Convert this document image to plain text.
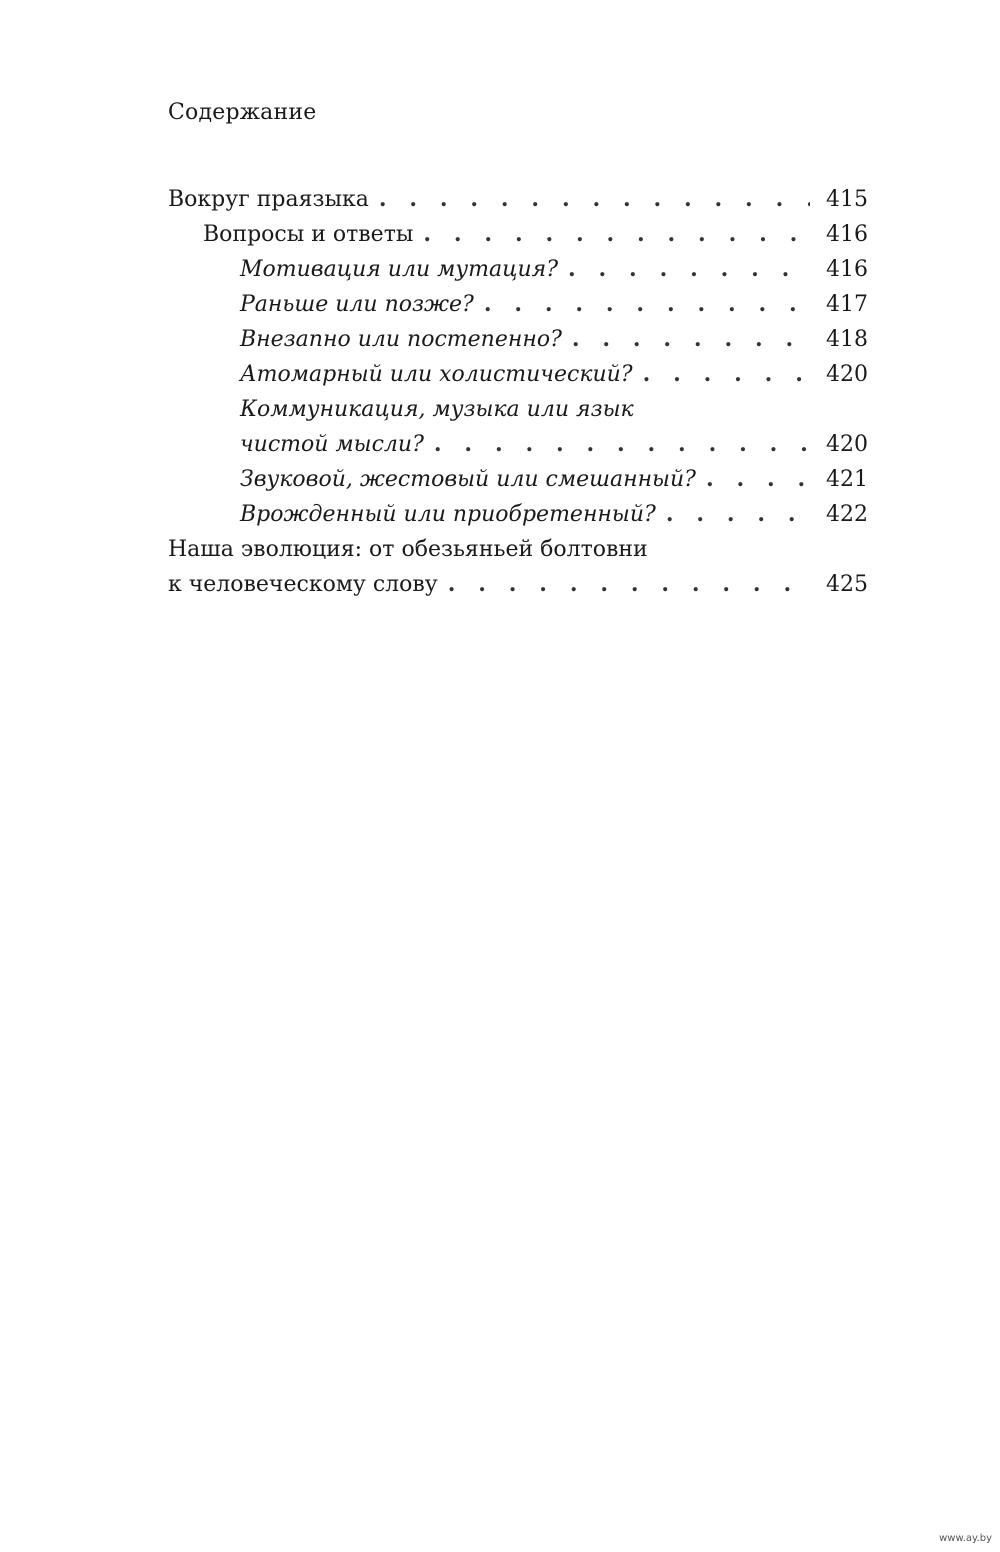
Содержание
Вокруг праязыка . . .	415
Вопросы и ответы . . .	416
Мотивация или мутация? . . .	416
Раньше или позже? . . .	417
Внезапно или постепенно? . . .	418
Атомарный или холистический? . . .	420
Коммуникация, музыка или язык
чистой мысли? . . .	420
Звуковой, жестовый или смешанный? . . .	421
Врожденный или приобретенный? . . .	422
Наша эволюция: от обезьяньей болтовни
к человеческому слову . . .	425
www.ay.by
